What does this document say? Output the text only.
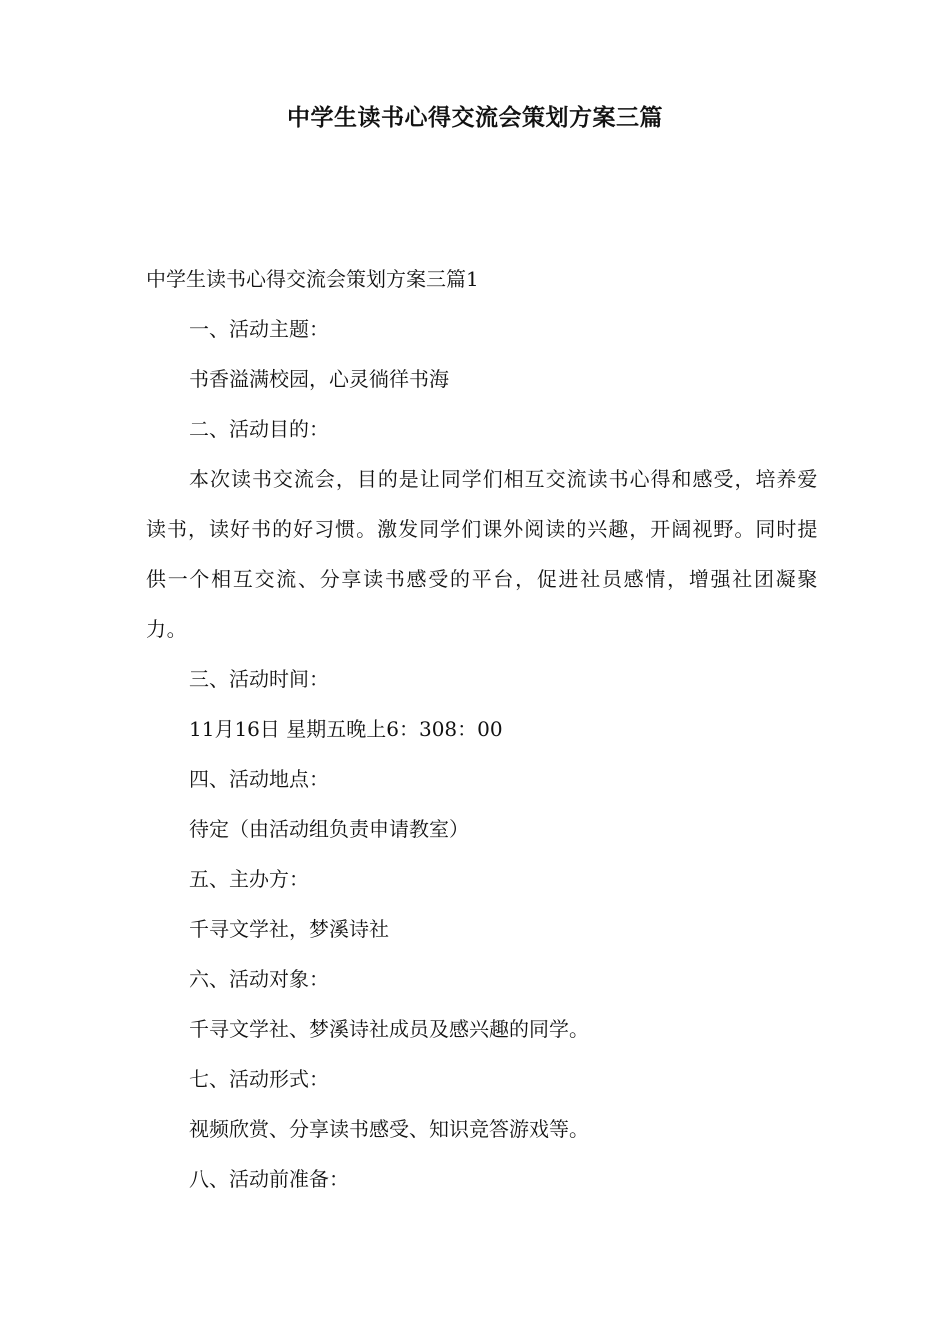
中学生读书心得交流会策划方案三篇

中学生读书心得交流会策划方案三篇1

一、活动主题：

书香溢满校园，心灵徜徉书海

二、活动目的：

本次读书交流会，目的是让同学们相互交流读书心得和感受，培养爱读书，读好书的好习惯。激发同学们课外阅读的兴趣，开阔视野。同时提供一个相互交流、分享读书感受的平台，促进社员感情，增强社团凝聚力。

三、活动时间：

11月16日 星期五晚上6：308：00

四、活动地点：

待定（由活动组负责申请教室）

五、主办方：

千寻文学社，梦溪诗社

六、活动对象：

千寻文学社、梦溪诗社成员及感兴趣的同学。

七、活动形式：

视频欣赏、分享读书感受、知识竞答游戏等。

八、活动前准备：
